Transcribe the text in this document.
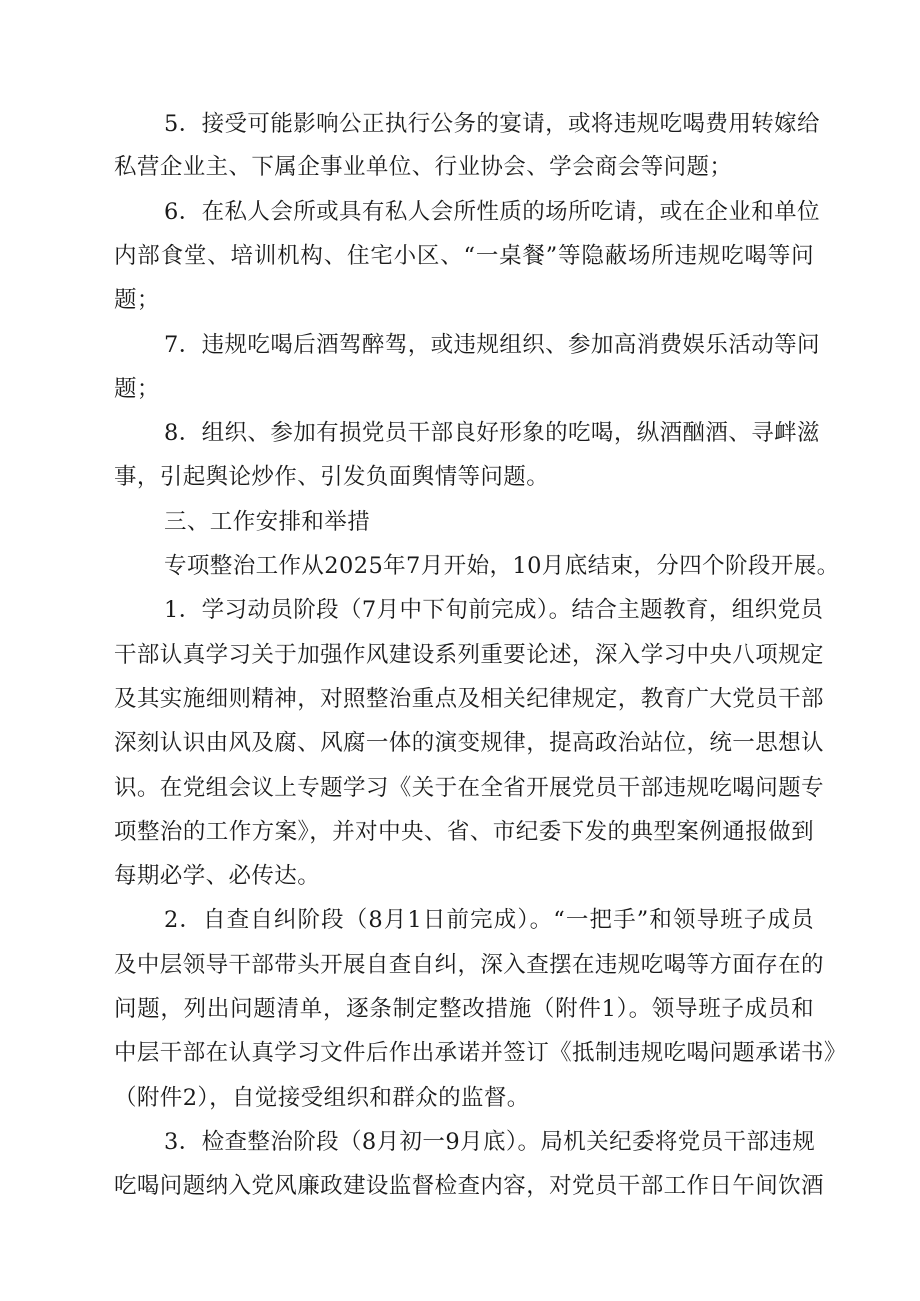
5．接受可能影响公正执行公务的宴请，或将违规吃喝费用转嫁给
私营企业主、下属企事业单位、行业协会、学会商会等问题；
6．在私人会所或具有私人会所性质的场所吃请，或在企业和单位
内部食堂、培训机构、住宅小区、“一桌餐”等隐蔽场所违规吃喝等问
题；
7．违规吃喝后酒驾醉驾，或违规组织、参加高消费娱乐活动等问
题；
8．组织、参加有损党员干部良好形象的吃喝，纵酒酗酒、寻衅滋
事，引起舆论炒作、引发负面舆情等问题。
三、工作安排和举措
专项整治工作从2025年7月开始，10月底结束，分四个阶段开展。
1．学习动员阶段（7月中下旬前完成）。结合主题教育，组织党员
干部认真学习关于加强作风建设系列重要论述，深入学习中央八项规定
及其实施细则精神，对照整治重点及相关纪律规定，教育广大党员干部
深刻认识由风及腐、风腐一体的演变规律，提高政治站位，统一思想认
识。在党组会议上专题学习《关于在全省开展党员干部违规吃喝问题专
项整治的工作方案》，并对中央、省、市纪委下发的典型案例通报做到
每期必学、必传达。
2．自查自纠阶段（8月1日前完成）。“一把手”和领导班子成员
及中层领导干部带头开展自查自纠，深入查摆在违规吃喝等方面存在的
问题，列出问题清单，逐条制定整改措施（附件1）。领导班子成员和
中层干部在认真学习文件后作出承诺并签订《抵制违规吃喝问题承诺书》
（附件2），自觉接受组织和群众的监督。
3．检查整治阶段（8月初一9月底）。局机关纪委将党员干部违规
吃喝问题纳入党风廉政建设监督检查内容，对党员干部工作日午间饮酒
